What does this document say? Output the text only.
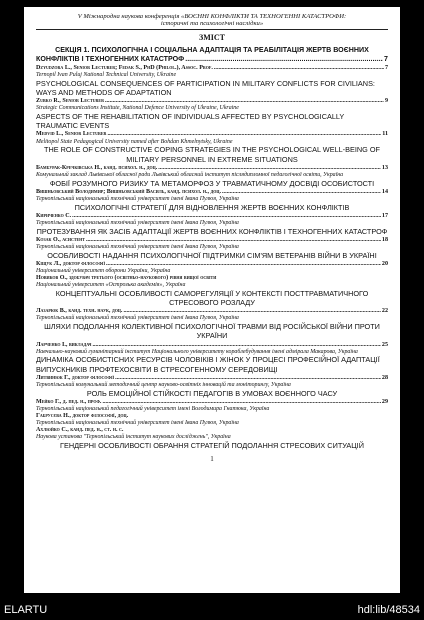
V Міжнародна наукова конференція «ВОЄННІ КОНФЛІКТИ ТА ТЕХНОГЕННІ КАТАСТРОФИ:
історичні та психологічні наслідки»
ЗМІСТ
СЕКЦІЯ 1. ПСИХОЛОГІЧНА І СОЦІАЛЬНА АДАПТАЦІЯ ТА РЕАБІЛІТАЦІЯ ЖЕРТВ ВОЄННИХ
КОНФЛІКТІВ І ТЕХНОГЕННИХ КАТАСТРОФ .....	7
Dzyudzora L., Senior Lecturer; Fedak S., PhD (Philol.), Assoc. Prof. .....	7
Ternopil Ivan Puluj National Technical University, Ukraine
PSYCHOLOGICAL CONSEQUENCES OF PARTICIPATION IN MILITARY CONFLICTS FOR CIVILIANS: WAYS AND METHODS OF ADAPTATION
Zubko R., Senior Lecturer .....	9
Strategic Communications Institute, National Defence University of Ukraine, Ukraine
ASPECTS OF THE REHABILITATION OF INDIVIDUALS AFFECTED BY PSYCHOLOGICALLY TRAUMATIC EVENTS
Medvid L., Senior Lecturer .....	11
Melitopol State Pedagogical University named after Bohdan Khmelnytsky, Ukraine
THE ROLE OF CONSTRUCTIVE COPING STRATEGIES IN THE PSYCHOLOGICAL WELL-BEING OF MILITARY PERSONNEL IN EXTREME SITUATIONS
Бамбурак-Кречківська Н., канд. психол. н., доц. .....	13
Комунальний заклад Львівської обласної ради Львівський обласний інститут післядипломної педагогічної освіти, Україна
ФОБІЇ РОЗУМНОГО РИЗИКУ ТА МЕТАМОРФОЗ У ТРАВМАТИЧНОМУ ДОСВІДІ ОСОБИСТОСТІ
Вишньовський Володимир; Вишньовський Василь, канд. психол. н., доц. .....	14
Тернопільський національний технічний університет імені Івана Пулюя, Україна
ПСИХОЛОГІЧНІ СТРАТЕГІЇ ДЛЯ ВІДНОВЛЕННЯ ЖЕРТВ ВОЄННИХ КОНФЛІКТІВ
Кириченко С. .....	17
Тернопільський національний технічний університет імені Івана Пулюя, Україна
ПРОТЕЗУВАННЯ ЯК ЗАСІБ АДАПТАЦІЇ ЖЕРТВ ВОЄННИХ КОНФЛІКТІВ І ТЕХНОГЕННИХ КАТАСТРОФ
Козак О., асистент .....	18
Тернопільський національний технічний університет імені Івана Пулюя, Україна
ОСОБЛИВОСТІ НАДАННЯ ПСИХОЛОГІЧНОЇ ПІДТРИМКИ СІМ'ЯМ ВЕТЕРАНІВ ВІЙНИ В УКРАЇНІ
Кіщук Л., доктор філософії .....	20
Національний університет оборони України, Україна
Новиков О., здобувач третього (освітньо-наукового) рівня вищої освіти
Національний університет «Острозька академія», Україна
КОНЦЕПТУАЛЬНІ ОСОБЛИВОСТІ САМОРЕГУЛЯЦІЇ У КОНТЕКСТІ ПОСТТРАВМАТИЧНОГО СТРЕСОВОГО РОЗЛАДУ
Лазарюк В., канд. техн. наук, доц. .....	22
Тернопільський національний технічний університет імені Івана Пулюя, Україна
ШЛЯХИ ПОДОЛАННЯ КОЛЕКТИВНОЇ ПСИХОЛОГІЧНОЇ ТРАВМИ ВІД РОСІЙСЬКОЇ ВІЙНИ ПРОТИ УКРАЇНИ
Ларченко І., викладач .....	25
Навчально-науковий гуманітарний інститут Національного університету кораблебудування імені адмірала Макарова, Україна
ДИНАМІКА ОСОБИСТІСНИХ РЕСУРСІВ ЧОЛОВІКІВ І ЖІНОК У ПРОЦЕСІ ПРОФЕСІЙНОЇ АДАПТАЦІЇ ВИПУСКНИКІВ ПРОФТЕХОСВІТИ В СТРЕСОГЕННОМУ СЕРЕДОВИЩІ
Литвинюк Г., доктор філософії .....	28
Тернопільський комунальний методичний центр науково-освітніх інновацій та моніторингу, Україна
РОЛЬ ЕМОЦІЙНОЇ СТІЙКОСТІ ПЕДАГОГІВ В УМОВАХ ВОЄННОГО ЧАСУ
Мейко Г., д. пед. н., проф. .....	29
Тернопільський національний педагогічний університет імені Володимира Гнатюка, Україна
Габрусєва Н., доктор філософії, доц.
Тернопільський національний технічний університет імені Івана Пулюя, Україна
Ахлюйко С., канд. пед. н., ст. н. с.
Наукова установа "Тернопільський інститут наукових досліджень", Україна
ГЕНДЕРНІ ОСОБЛИВОСТІ ОБРАННЯ СТРАТЕГІЙ ПОДОЛАННЯ СТРЕСОВИХ СИТУАЦІЙ
1
ELARTU	hdl:lib/48534
